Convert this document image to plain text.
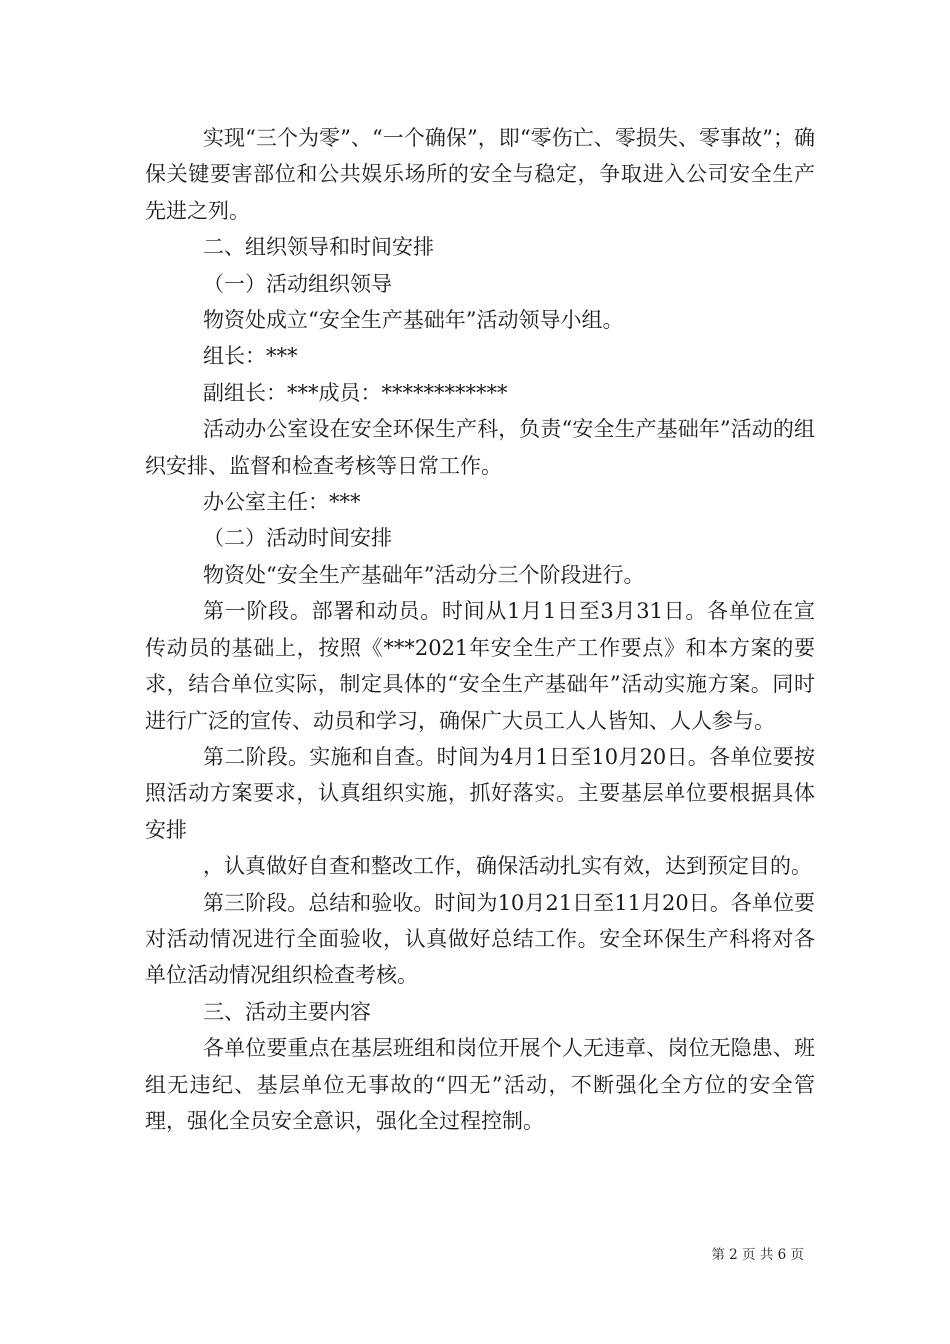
实现“三个为零”、“一个确保”，即“零伤亡、零损失、零事故”；确保关键要害部位和公共娱乐场所的安全与稳定，争取进入公司安全生产先进之列。

二、组织领导和时间安排

（一）活动组织领导

物资处成立“安全生产基础年”活动领导小组。

组长：***

副组长：***成员：************

活动办公室设在安全环保生产科，负责“安全生产基础年”活动的组织安排、监督和检查考核等日常工作。

办公室主任：***

（二）活动时间安排

物资处“安全生产基础年”活动分三个阶段进行。

第一阶段。部署和动员。时间从1月1日至3月31日。各单位在宣传动员的基础上，按照《***2021年安全生产工作要点》和本方案的要求，结合单位实际，制定具体的“安全生产基础年”活动实施方案。同时进行广泛的宣传、动员和学习，确保广大员工人人皆知、人人参与。

第二阶段。实施和自查。时间为4月1日至10月20日。各单位要按照活动方案要求，认真组织实施，抓好落实。主要基层单位要根据具体安排

，认真做好自查和整改工作，确保活动扎实有效，达到预定目的。

第三阶段。总结和验收。时间为10月21日至11月20日。各单位要对活动情况进行全面验收，认真做好总结工作。安全环保生产科将对各单位活动情况组织检查考核。

三、活动主要内容

各单位要重点在基层班组和岗位开展个人无违章、岗位无隐患、班组无违纪、基层单位无事故的“四无”活动，不断强化全方位的安全管理，强化全员安全意识，强化全过程控制。

第 2 页 共 6 页
